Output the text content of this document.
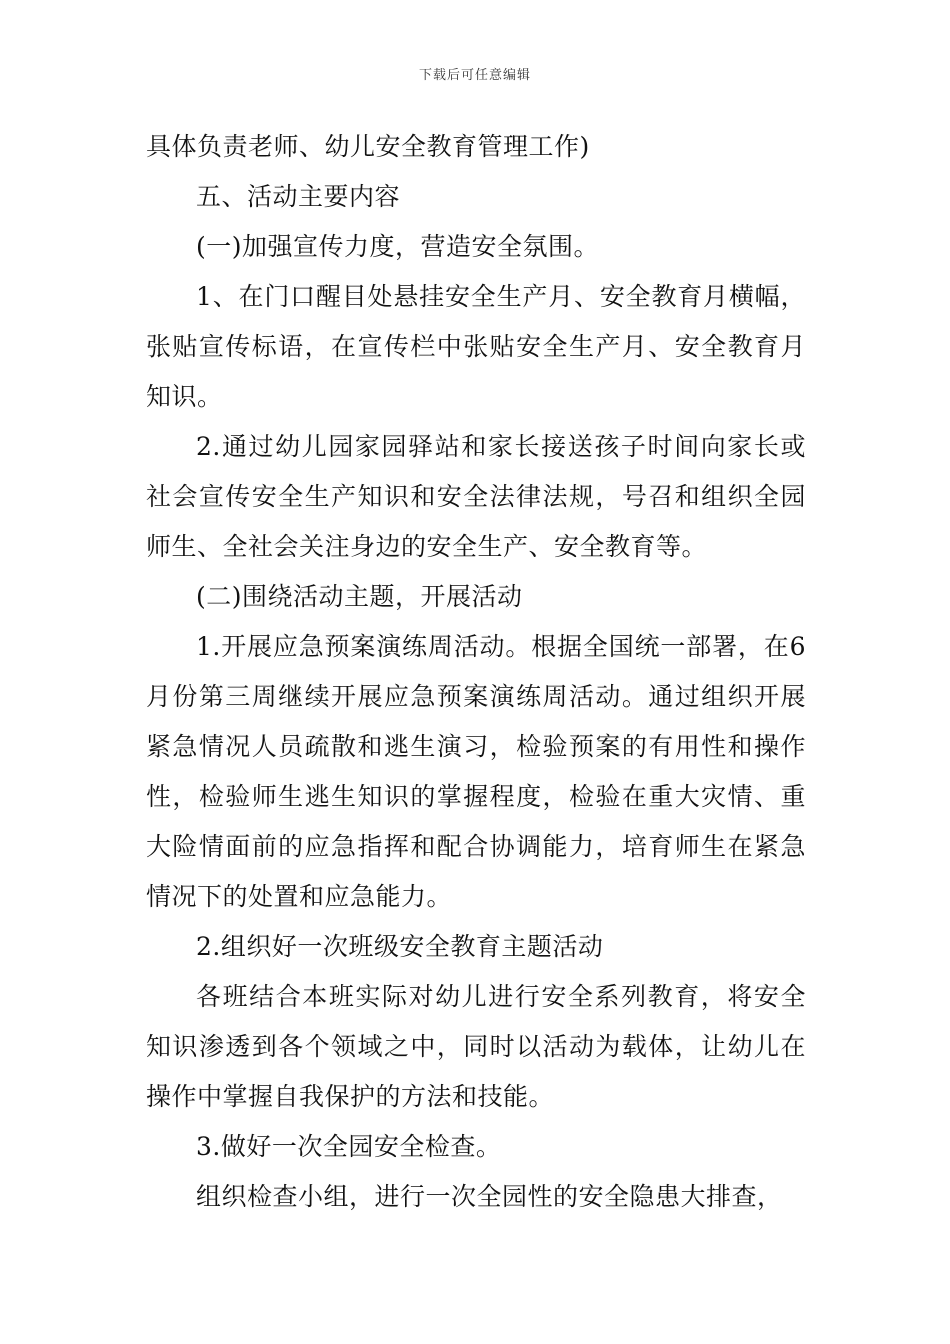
下载后可任意编辑

具体负责老师、幼儿安全教育管理工作)

五、活动主要内容

(一)加强宣传力度，营造安全氛围。

1、在门口醒目处悬挂安全生产月、安全教育月横幅，张贴宣传标语，在宣传栏中张贴安全生产月、安全教育月知识。

2.通过幼儿园家园驿站和家长接送孩子时间向家长或社会宣传安全生产知识和安全法律法规，号召和组织全园师生、全社会关注身边的安全生产、安全教育等。

(二)围绕活动主题，开展活动

1.开展应急预案演练周活动。根据全国统一部署，在6月份第三周继续开展应急预案演练周活动。通过组织开展紧急情况人员疏散和逃生演习，检验预案的有用性和操作性，检验师生逃生知识的掌握程度，检验在重大灾情、重大险情面前的应急指挥和配合协调能力，培育师生在紧急情况下的处置和应急能力。

2.组织好一次班级安全教育主题活动

各班结合本班实际对幼儿进行安全系列教育，将安全知识渗透到各个领域之中，同时以活动为载体，让幼儿在操作中掌握自我保护的方法和技能。

3.做好一次全园安全检查。

组织检查小组，进行一次全园性的安全隐患大排查，
